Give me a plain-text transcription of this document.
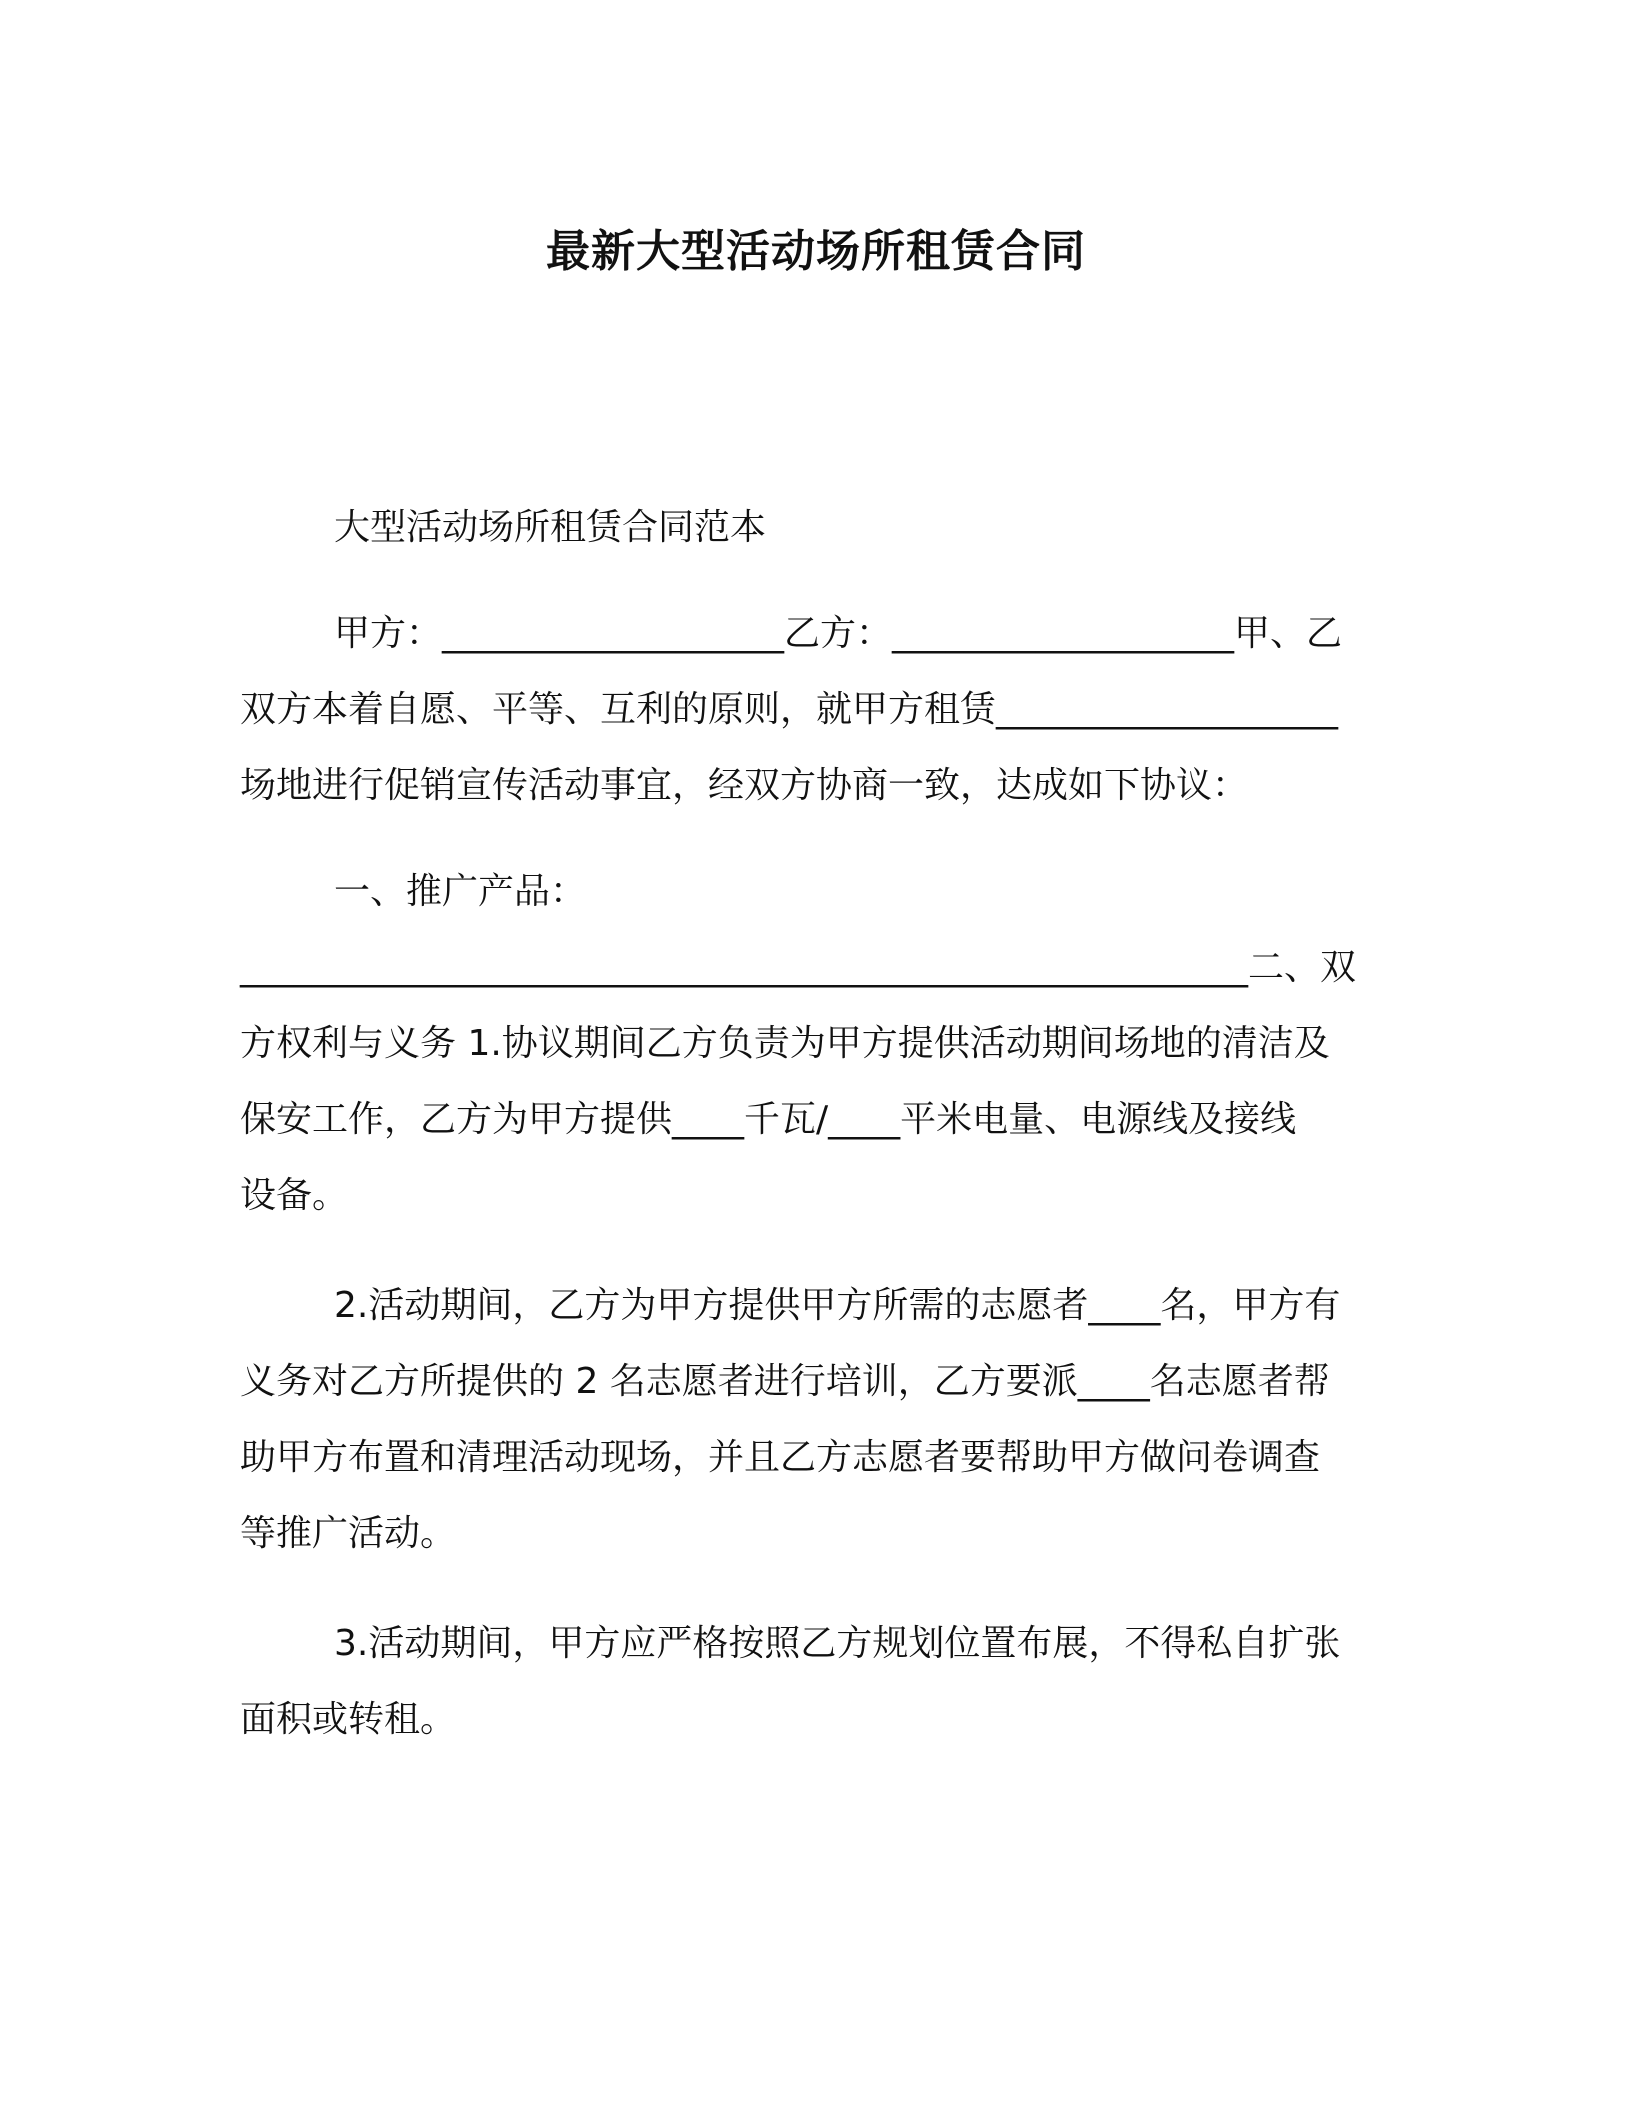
最新大型活动场所租赁合同

大型活动场所租赁合同范本

甲方：___________________乙方：___________________甲、乙
双方本着自愿、平等、互利的原则，就甲方租赁___________________
场地进行促销宣传活动事宜，经双方协商一致，达成如下协议：

一、推广产品：

________________________________________________________二、双
方权利与义务 1.协议期间乙方负责为甲方提供活动期间场地的清洁及
保安工作，乙方为甲方提供____千瓦/____平米电量、电源线及接线
设备。

2.活动期间，乙方为甲方提供甲方所需的志愿者____名，甲方有
义务对乙方所提供的 2 名志愿者进行培训，乙方要派____名志愿者帮
助甲方布置和清理活动现场，并且乙方志愿者要帮助甲方做问卷调查
等推广活动。

3.活动期间，甲方应严格按照乙方规划位置布展，不得私自扩张
面积或转租。
